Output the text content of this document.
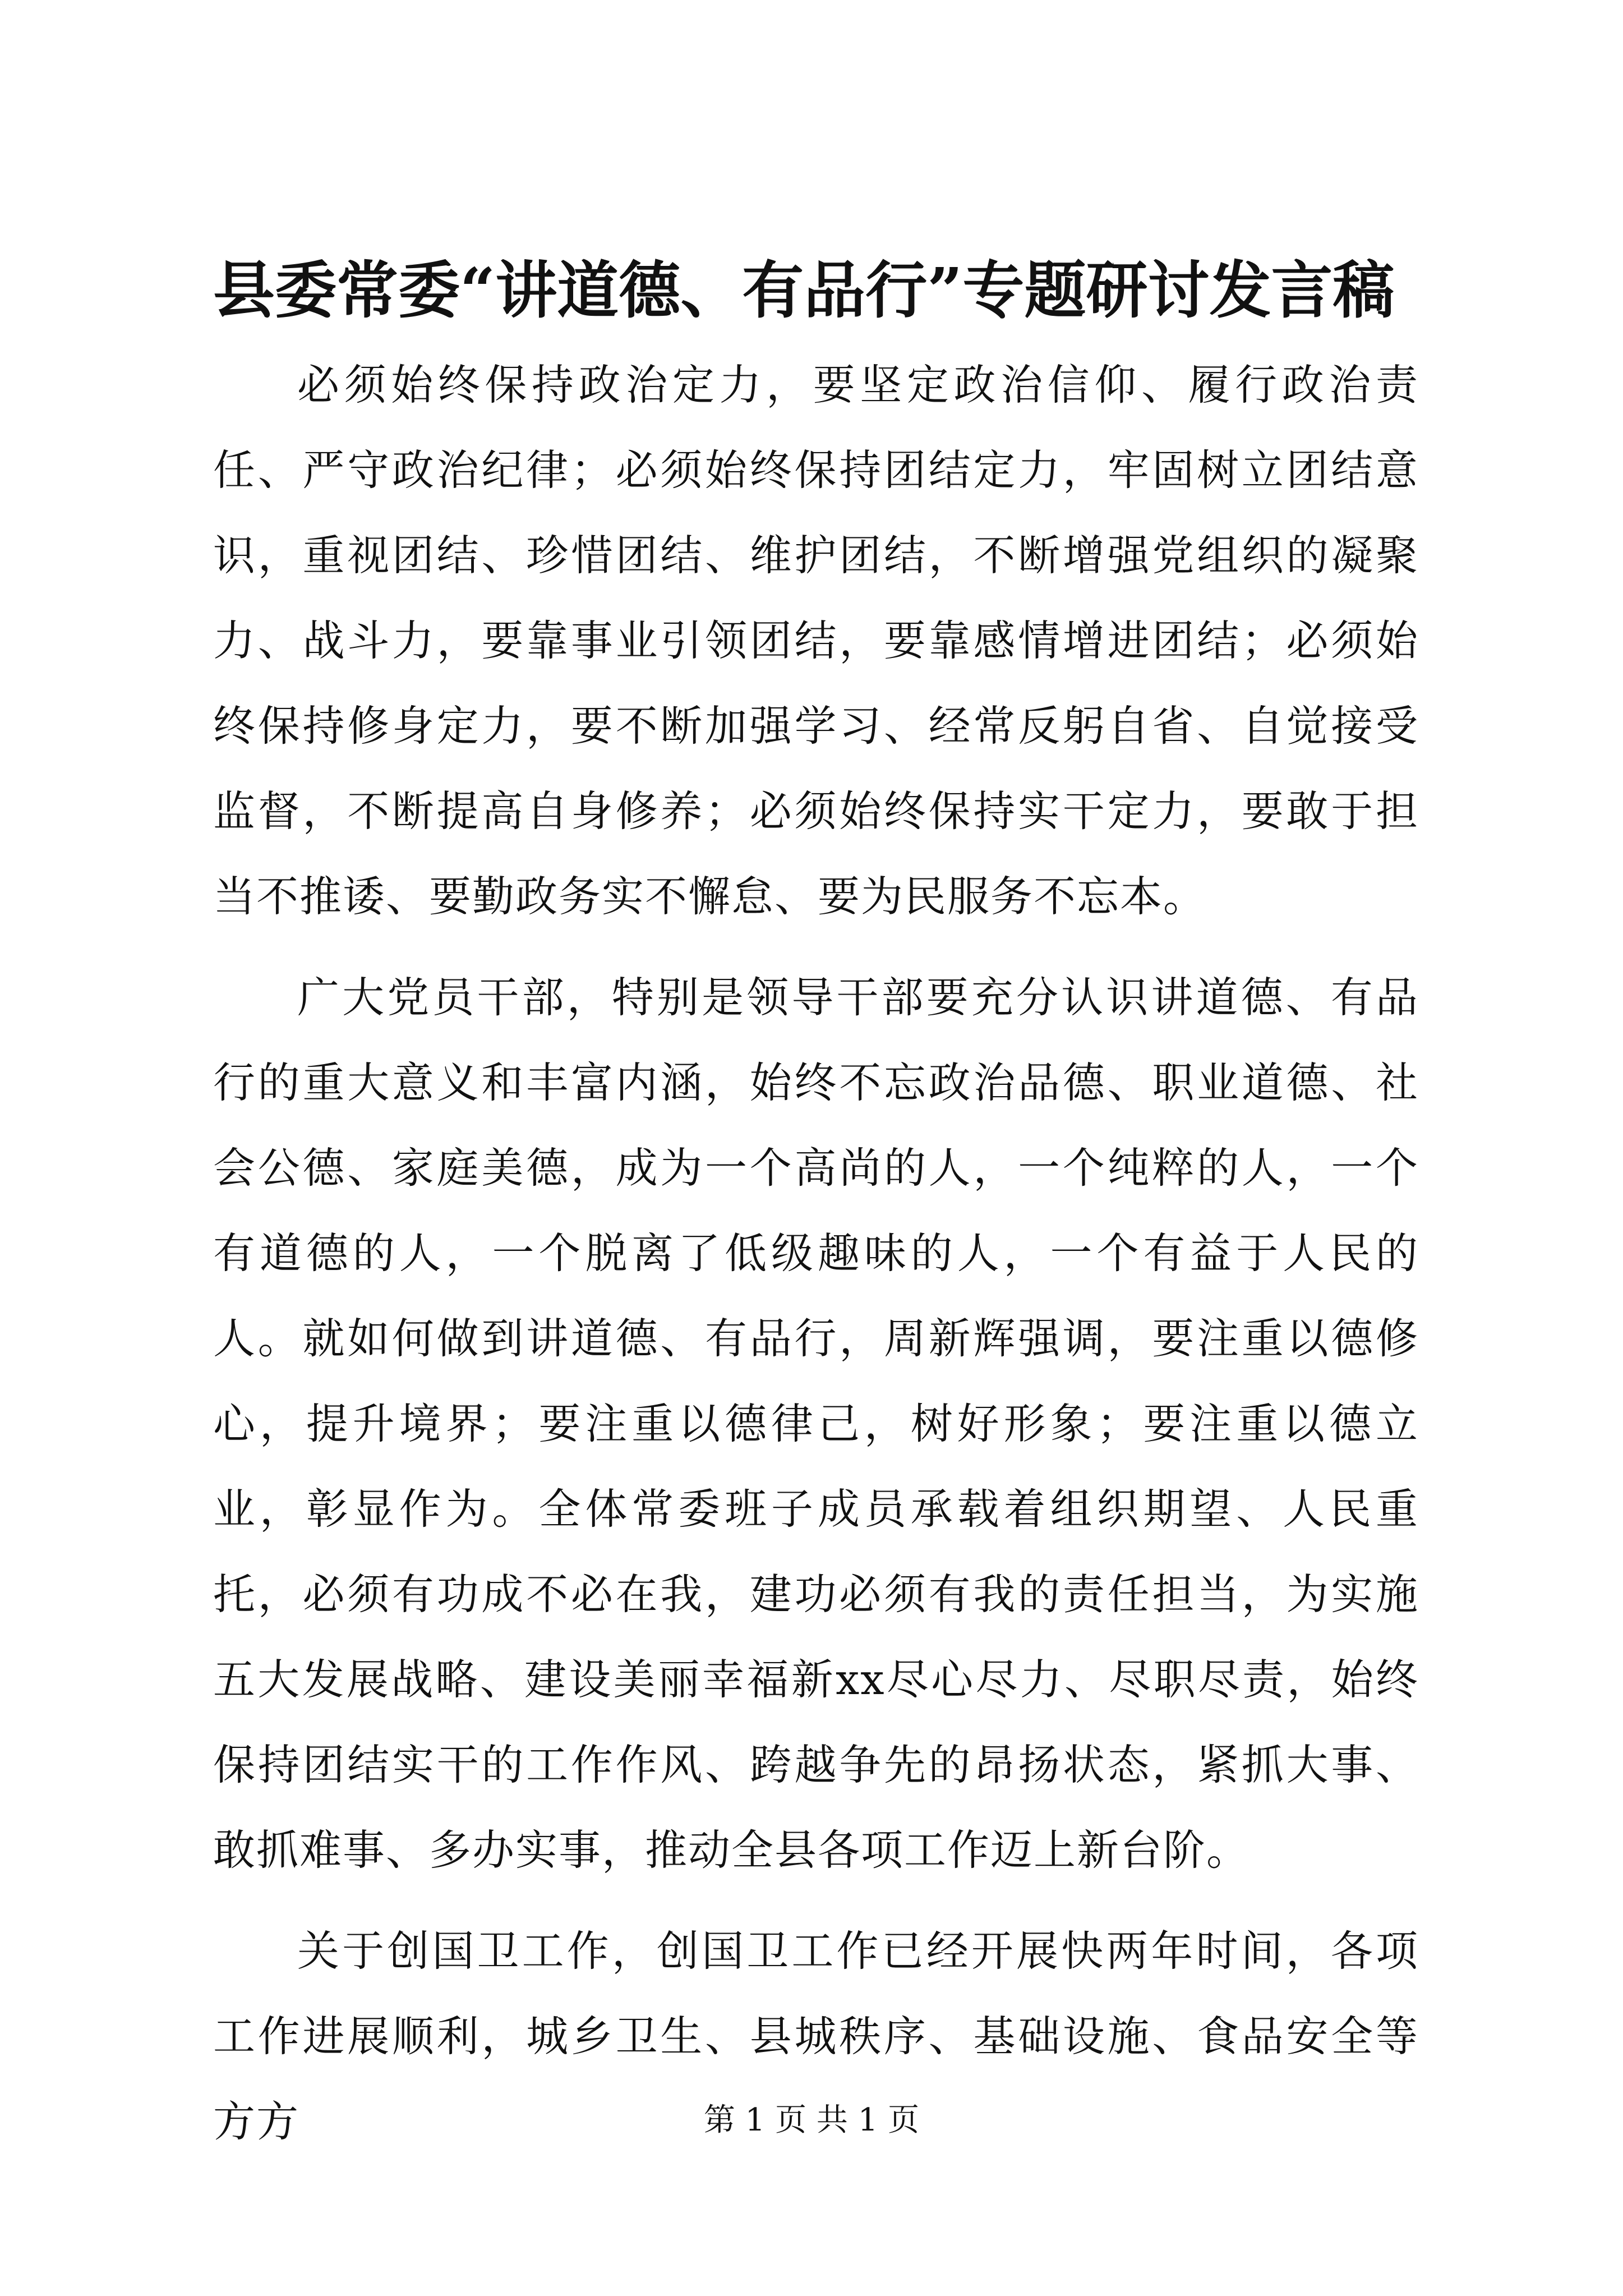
县委常委“讲道德、有品行”专题研讨发言稿

必须始终保持政治定力，要坚定政治信仰、履行政治责任、严守政治纪律；必须始终保持团结定力，牢固树立团结意识，重视团结、珍惜团结、维护团结，不断增强党组织的凝聚力、战斗力，要靠事业引领团结，要靠感情增进团结；必须始终保持修身定力，要不断加强学习、经常反躬自省、自觉接受监督，不断提高自身修养；必须始终保持实干定力，要敢于担当不推诿、要勤政务实不懈怠、要为民服务不忘本。

广大党员干部，特别是领导干部要充分认识讲道德、有品行的重大意义和丰富内涵，始终不忘政治品德、职业道德、社会公德、家庭美德，成为一个高尚的人，一个纯粹的人，一个有道德的人，一个脱离了低级趣味的人，一个有益于人民的人。就如何做到讲道德、有品行，周新辉强调，要注重以德修心，提升境界；要注重以德律己，树好形象；要注重以德立业，彰显作为。全体常委班子成员承载着组织期望、人民重托，必须有功成不必在我，建功必须有我的责任担当，为实施五大发展战略、建设美丽幸福新xx尽心尽力、尽职尽责，始终保持团结实干的工作作风、跨越争先的昂扬状态，紧抓大事、敢抓难事、多办实事，推动全县各项工作迈上新台阶。

关于创国卫工作，创国卫工作已经开展快两年时间，各项工作进展顺利，城乡卫生、县城秩序、基础设施、食品安全等方方	第 1 页 共 1 页
